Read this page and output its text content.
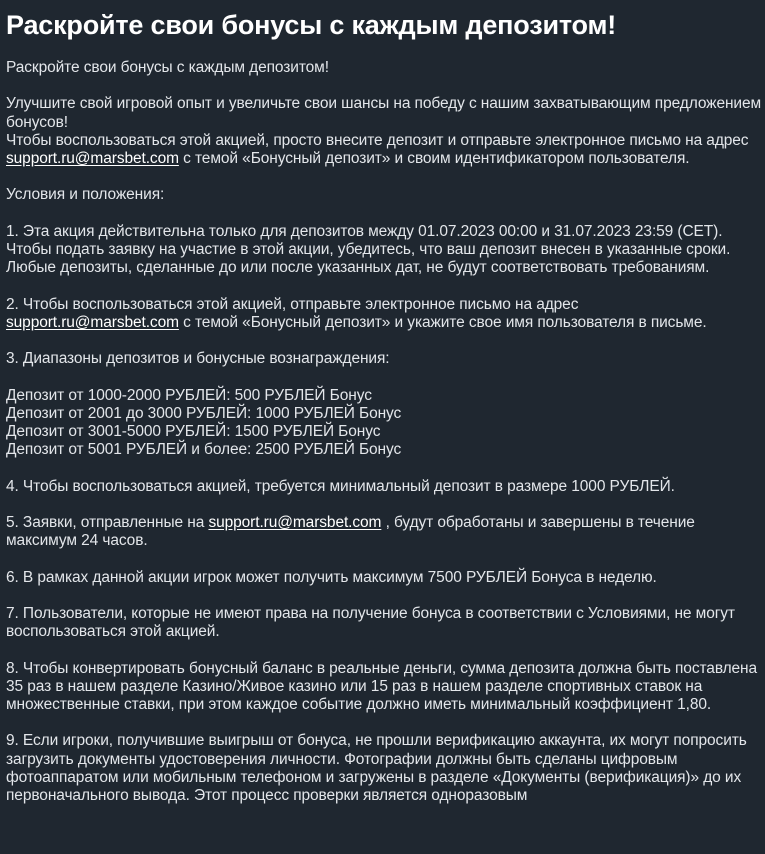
Раскройте свои бонусы с каждым депозитом!

Раскройте свои бонусы с каждым депозитом!

Улучшите свой игровой опыт и увеличьте свои шансы на победу с нашим захватывающим предложением бонусов!

Чтобы воспользоваться этой акцией, просто внесите депозит и отправьте электронное письмо на адрес support.ru@marsbet.com с темой «Бонусный депозит» и своим идентификатором пользователя.

Условия и положения:

1. Эта акция действительна только для депозитов между 01.07.2023 00:00 и 31.07.2023 23:59 (CET). Чтобы подать заявку на участие в этой акции, убедитесь, что ваш депозит внесен в указанные сроки. Любые депозиты, сделанные до или после указанных дат, не будут соответствовать требованиям.

2. Чтобы воспользоваться этой акцией, отправьте электронное письмо на адрес
support.ru@marsbet.com с темой «Бонусный депозит» и укажите свое имя пользователя в письме.

3. Диапазоны депозитов и бонусные вознаграждения:

Депозит от 1000-2000 РУБЛЕЙ: 500 РУБЛЕЙ Бонус

Депозит от 2001 до 3000 РУБЛЕЙ: 1000 РУБЛЕЙ Бонус

Депозит от 3001-5000 РУБЛЕЙ: 1500 РУБЛЕЙ Бонус

Депозит от 5001 РУБЛЕЙ и более: 2500 РУБЛЕЙ Бонус

4. Чтобы воспользоваться акцией, требуется минимальный депозит в размере 1000 РУБЛЕЙ.

5. Заявки, отправленные на support.ru@marsbet.com , будут обработаны и завершены в течение максимум 24 часов.

6. В рамках данной акции игрок может получить максимум 7500 РУБЛЕЙ Бонуса в неделю.

7. Пользователи, которые не имеют права на получение бонуса в соответствии с Условиями, не могут воспользоваться этой акцией.

8. Чтобы конвертировать бонусный баланс в реальные деньги, сумма депозита должна быть поставлена 35 раз в нашем разделе Казино/Живое казино или 15 раз в нашем разделе спортивных ставок на множественные ставки, при этом каждое событие должно иметь минимальный коэффициент 1,80.

9. Если игроки, получившие выигрыш от бонуса, не прошли верификацию аккаунта, их могут попросить загрузить документы удостоверения личности. Фотографии должны быть сделаны цифровым фотоаппаратом или мобильным телефоном и загружены в разделе «Документы (верификация)» до их первоначального вывода. Этот процесс проверки является одноразовым
